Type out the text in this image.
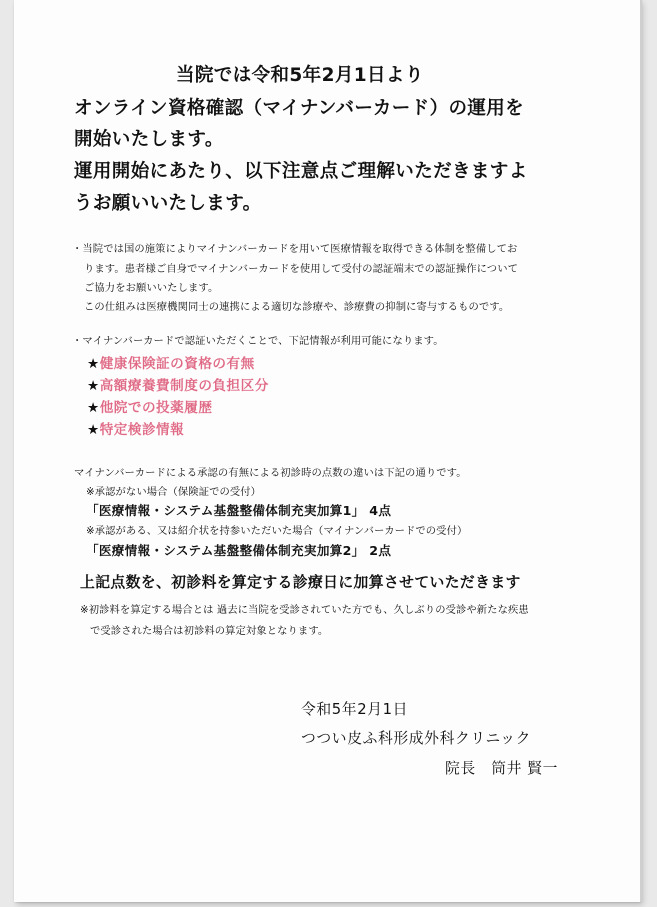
当院では令和5年2月1日より
オンライン資格確認（マイナンバーカード）の運用を
開始いたします。
運用開始にあたり、以下注意点ご理解いただきますよ
うお願いいたします。
・当院では国の施策によりマイナンバーカードを用いて医療情報を取得できる体制を整備してお
ります。患者様ご自身でマイナンバーカードを使用して受付の認証端末での認証操作について
ご協力をお願いいたします。
この仕組みは医療機関同士の連携による適切な診療や、診療費の抑制に寄与するものです。
・マイナンバーカードで認証いただくことで、下記情報が利用可能になります。
★健康保険証の資格の有無
★高額療養費制度の負担区分
★他院での投薬履歴
★特定検診情報
マイナンバーカードによる承認の有無による初診時の点数の違いは下記の通りです。
※承認がない場合（保険証での受付）
「医療情報・システム基盤整備体制充実加算1」 4点
※承認がある、又は紹介状を持参いただいた場合（マイナンバーカードでの受付）
「医療情報・システム基盤整備体制充実加算2」 2点
上記点数を、初診料を算定する診療日に加算させていただきます
※初診料を算定する場合とは 過去に当院を受診されていた方でも、久しぶりの受診や新たな疾患
で受診された場合は初診料の算定対象となります。
令和5年2月1日
つつい皮ふ科形成外科クリニック
院長　筒井 賢一
